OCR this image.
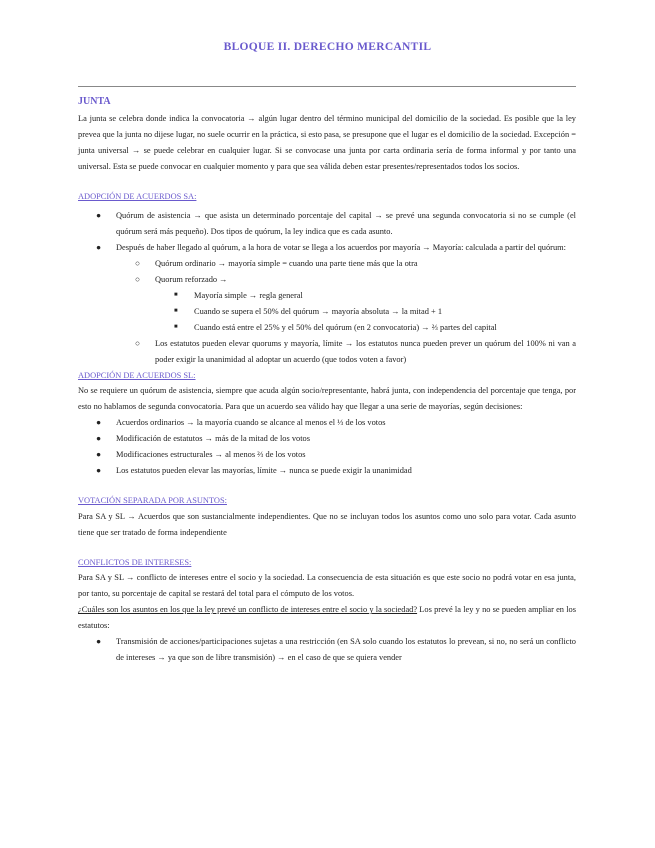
BLOQUE II. DERECHO MERCANTIL
JUNTA

La junta se celebra donde indica la convocatoria → algún lugar dentro del término municipal del domicilio de la sociedad. Es posible que la ley prevea que la junta no dijese lugar, no suele ocurrir en la práctica, si esto pasa, se presupone que el lugar es el domicilio de la sociedad. Excepción = junta universal → se puede celebrar en cualquier lugar. Si se convocase una junta por carta ordinaria sería de forma informal y por tanto una universal. Esta se puede convocar en cualquier momento y para que sea válida deben estar presentes/representados todos los socios.

ADOPCIÓN DE ACUERDOS SA:
● Quórum de asistencia → que asista un determinado porcentaje del capital → se prevé una segunda convocatoria si no se cumple (el quórum será más pequeño). Dos tipos de quórum, la ley indica que es cada asunto.
● Después de haber llegado al quórum, a la hora de votar se llega a los acuerdos por mayoría → Mayoría: calculada a partir del quórum:
○ Quórum ordinario → mayoría simple = cuando una parte tiene más que la otra
○ Quorum reforzado →
■ Mayoría simple → regla general
■ Cuando se supera el 50% del quórum → mayoría absoluta → la mitad + 1
■ Cuando está entre el 25% y el 50% del quórum (en 2 convocatoria) → ⅔ partes del capital
○ Los estatutos pueden elevar quorums y mayoría, límite → los estatutos nunca pueden prever un quórum del 100% ni van a poder exigir la unanimidad al adoptar un acuerdo (que todos voten a favor)
ADOPCIÓN DE ACUERDOS SL:

No se requiere un quórum de asistencia, siempre que acuda algún socio/representante, habrá junta, con independencia del porcentaje que tenga, por esto no hablamos de segunda convocatoria. Para que un acuerdo sea válido hay que llegar a una serie de mayorías, según decisiones:

● Acuerdos ordinarios → la mayoría cuando se alcance al menos el ⅓ de los votos
● Modificación de estatutos → más de la mitad de los votos
● Modificaciones estructurales → al menos ⅔ de los votos
● Los estatutos pueden elevar las mayorías, límite → nunca se puede exigir la unanimidad
VOTACIÓN SEPARADA POR ASUNTOS:

Para SA y SL → Acuerdos que son sustancialmente independientes. Que no se incluyan todos los asuntos como uno solo para votar. Cada asunto tiene que ser tratado de forma independiente

CONFLICTOS DE INTERESES:

Para SA y SL → conflicto de intereses entre el socio y la sociedad. La consecuencia de esta situación es que este socio no podrá votar en esa junta, por tanto, su porcentaje de capital se restará del total para el cómputo de los votos.

¿Cuáles son los asuntos en los que la ley prevé un conflicto de intereses entre el socio y la sociedad? Los prevé la ley y no se pueden ampliar en los estatutos:

● Transmisión de acciones/participaciones sujetas a una restricción (en SA solo cuando los estatutos lo prevean, si no, no será un conflicto de intereses → ya que son de libre transmisión) → en el caso de que se quiera vender
